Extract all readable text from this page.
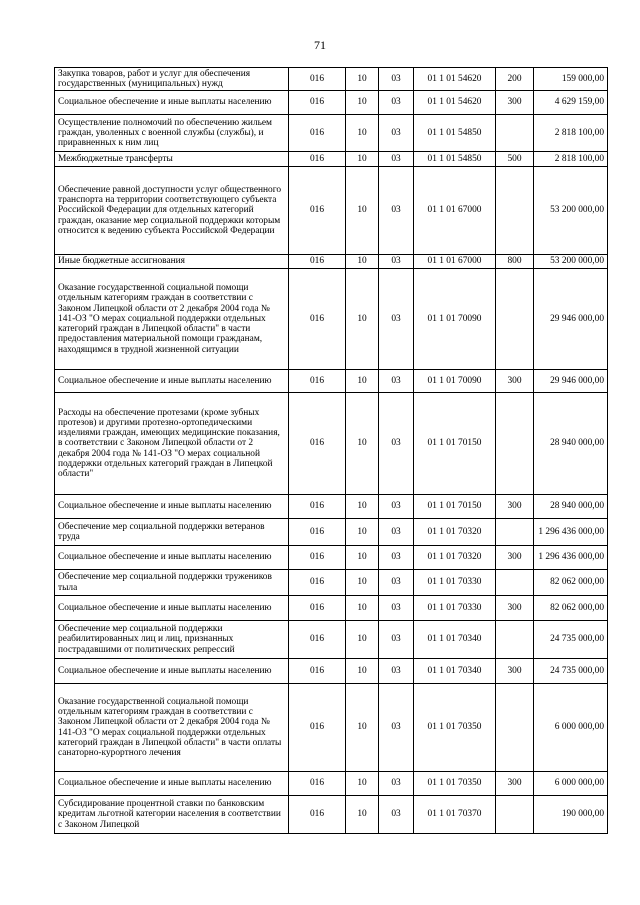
71
Закупка товаров, работ и услуг для обеспечения государственных (муниципальных) нужд	016	10	03	01 1 01 54620	200	159 000,00
Социальное обеспечение и иные выплаты населению	016	10	03	01 1 01 54620	300	4 629 159,00
Осуществление полномочий по обеспечению жильем граждан, уволенных с военной службы (службы), и приравненных к ним лиц	016	10	03	01 1 01 54850		2 818 100,00
Межбюджетные трансферты	016	10	03	01 1 01 54850	500	2 818 100,00
Обеспечение равной доступности услуг общественного транспорта на территории соответствующего субъекта Российской Федерации для отдельных категорий граждан, оказание мер социальной поддержки которым относится к ведению субъекта Российской Федерации	016	10	03	01 1 01 67000		53 200 000,00
Иные бюджетные ассигнования	016	10	03	01 1 01 67000	800	53 200 000,00
Оказание государственной социальной помощи отдельным категориям граждан в соответствии с Законом Липецкой области от 2 декабря 2004 года № 141-ОЗ "О мерах социальной поддержки отдельных категорий граждан в Липецкой области" в части предоставления материальной помощи гражданам, находящимся в трудной жизненной ситуации	016	10	03	01 1 01 70090		29 946 000,00
Социальное обеспечение и иные выплаты населению	016	10	03	01 1 01 70090	300	29 946 000,00
Расходы на обеспечение протезами (кроме зубных протезов) и другими протезно-ортопедическими изделиями граждан, имеющих медицинские показания, в соответствии с Законом Липецкой области от 2 декабря 2004 года № 141-ОЗ "О мерах социальной поддержки отдельных категорий граждан в Липецкой области"	016	10	03	01 1 01 70150		28 940 000,00
Социальное обеспечение и иные выплаты населению	016	10	03	01 1 01 70150	300	28 940 000,00
Обеспечение мер социальной поддержки ветеранов труда	016	10	03	01 1 01 70320		1 296 436 000,00
Социальное обеспечение и иные выплаты населению	016	10	03	01 1 01 70320	300	1 296 436 000,00
Обеспечение мер социальной поддержки тружеников тыла	016	10	03	01 1 01 70330		82 062 000,00
Социальное обеспечение и иные выплаты населению	016	10	03	01 1 01 70330	300	82 062 000,00
Обеспечение мер социальной поддержки реабилитированных лиц и лиц, признанных пострадавшими от политических репрессий	016	10	03	01 1 01 70340		24 735 000,00
Социальное обеспечение и иные выплаты населению	016	10	03	01 1 01 70340	300	24 735 000,00
Оказание государственной социальной помощи отдельным категориям граждан в соответствии с Законом Липецкой области от 2 декабря 2004 года № 141-ОЗ "О мерах социальной поддержки отдельных категорий граждан в Липецкой области" в части оплаты санаторно-курортного лечения	016	10	03	01 1 01 70350		6 000 000,00
Социальное обеспечение и иные выплаты населению	016	10	03	01 1 01 70350	300	6 000 000,00
Субсидирование процентной ставки по банковским кредитам льготной категории населения в соответствии с Законом Липецкой	016	10	03	01 1 01 70370		190 000,00
